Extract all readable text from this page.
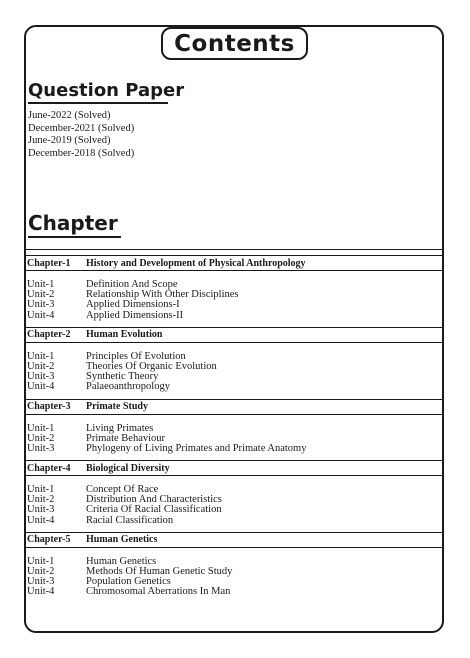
Contents
Question Paper
June-2022 (Solved)
December-2021 (Solved)
June-2019 (Solved)
December-2018 (Solved)
Chapter
Chapter-1	History and Development of Physical Anthropology
Unit-1	Definition And Scope
Unit-2	Relationship With Other Disciplines
Unit-3	Applied Dimensions-I
Unit-4	Applied Dimensions-II
Chapter-2	Human Evolution
Unit-1	Principles Of Evolution
Unit-2	Theories Of Organic Evolution
Unit-3	Synthetic Theory
Unit-4	Palaeoanthropology
Chapter-3	Primate Study
Unit-1	Living Primates
Unit-2	Primate Behaviour
Unit-3	Phylogeny of Living Primates and Primate Anatomy
Chapter-4	Biological Diversity
Unit-1	Concept Of Race
Unit-2	Distribution And Characteristics
Unit-3	Criteria Of Racial Classification
Unit-4	Racial Classification
Chapter-5	Human Genetics
Unit-1	Human Genetics
Unit-2	Methods Of Human Genetic Study
Unit-3	Population Genetics
Unit-4	Chromosomal Aberrations In Man
